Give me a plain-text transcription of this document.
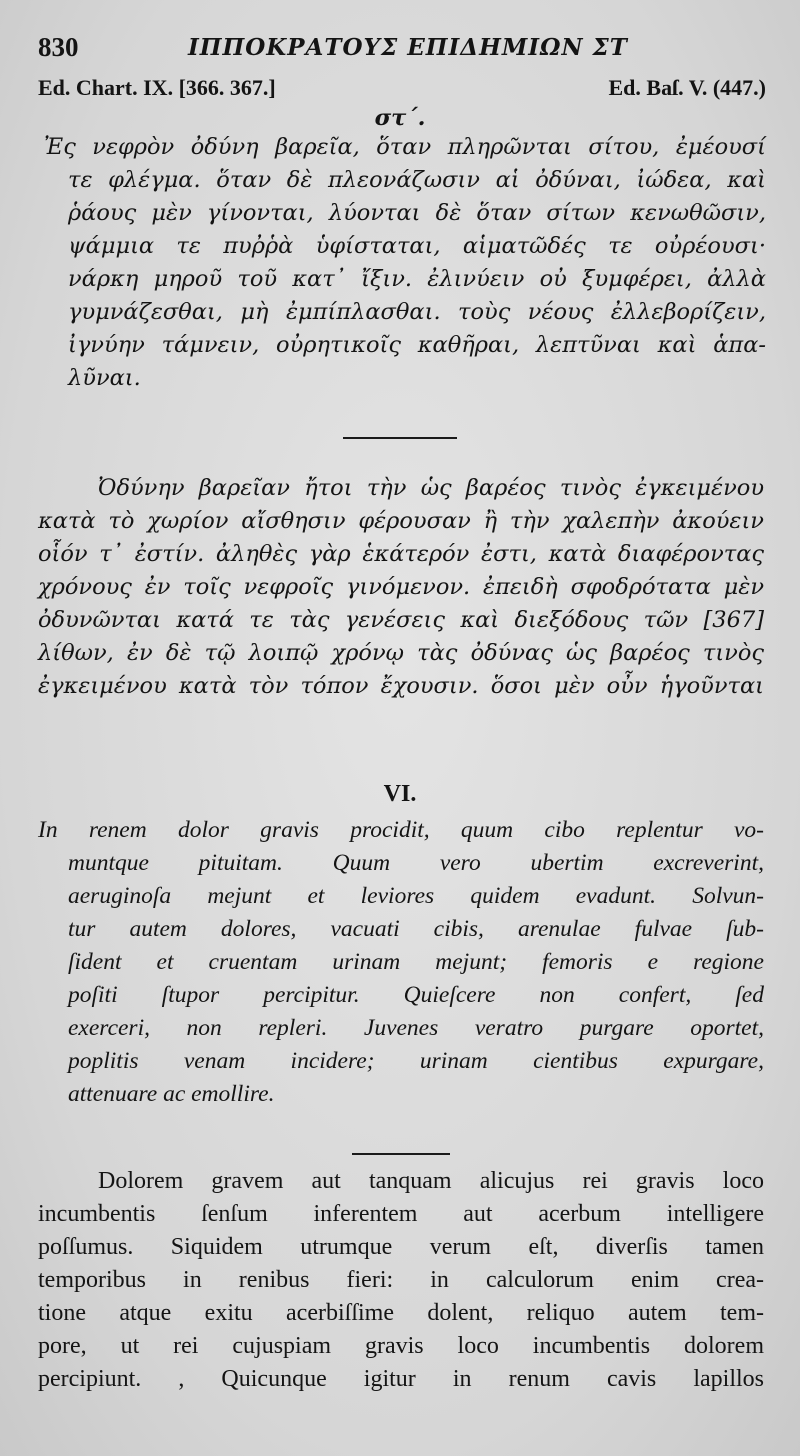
⠀                                                   ⠀
830	ΙΠΠΟΚΡΑΤΟΥΣ ΕΠΙΔΗΜΙΩΝ ΣΤ
Ed. Chart. IX. [366. 367.]	Ed. Baſ. V. (447.)
στ΄.
Ἐς νεφρὸν ὀδύνη βαρεῖα, ὅταν πληρῶνται σίτου, ἐμέουσί
τε φλέγμα. ὅταν δὲ πλεονάζωσιν αἱ ὀδύναι, ἰώδεα, καὶ
ῥάους μὲν γίνονται, λύονται δὲ ὅταν σίτων κενωθῶσιν,
ψάμμια τε πυῤῥὰ ὑφίσταται, αἱματῶδές τε οὐρέουσι·
νάρκη μηροῦ τοῦ κατ᾽ ἴξιν. ἐλινύειν οὐ ξυμφέρει, ἀλλὰ
γυμνάζεσθαι, μὴ ἐμπίπλασθαι. τοὺς νέους ἐλλεβορίζειν,
ἰγνύην τάμνειν, οὐρητικοῖς καθῆραι, λεπτῦναι καὶ ἁπα-
λῦναι.
Ὀδύνην βαρεῖαν ἤτοι τὴν ὡς βαρέος τινὸς ἐγκειμένου
κατὰ τὸ χωρίον αἴσθησιν φέρουσαν ἢ τὴν χαλεπὴν ἀκούειν
οἷόν τ᾽ ἐστίν. ἀληθὲς γὰρ ἑκάτερόν ἐστι, κατὰ διαφέροντας
χρόνους ἐν τοῖς νεφροῖς γινόμενον. ἐπειδὴ σφοδρότατα μὲν
ὀδυνῶνται κατά τε τὰς γενέσεις καὶ διεξόδους τῶν [367]
λίθων, ἐν δὲ τῷ λοιπῷ χρόνῳ τὰς ὀδύνας ὡς βαρέος τινὸς
ἐγκειμένου κατὰ τὸν τόπον ἔχουσιν. ὅσοι μὲν οὖν ἡγοῦνται
VI.
In renem dolor gravis procidit, quum cibo replentur vo-
muntque pituitam. Quum vero ubertim excreverint,
aeruginoſa mejunt et leviores quidem evadunt. Solvun-
tur autem dolores, vacuati cibis, arenulae fulvae ſub-
ſident et cruentam urinam mejunt; femoris e regione
poſiti ſtupor percipitur. Quieſcere non confert, ſed
exerceri, non repleri. Juvenes veratro purgare oportet,
poplitis venam incidere; urinam cientibus expurgare,
attenuare ac emollire.
Dolorem gravem aut tanquam alicujus rei gravis loco
incumbentis ſenſum inferentem aut acerbum intelligere
poſſumus. Siquidem utrumque verum eſt, diverſis tamen
temporibus in renibus fieri: in calculorum enim crea-
tione atque exitu acerbiſſime dolent, reliquo autem tem-
pore, ut rei cujuspiam gravis loco incumbentis dolorem
percipiunt. , Quicunque igitur in renum cavis lapillos
